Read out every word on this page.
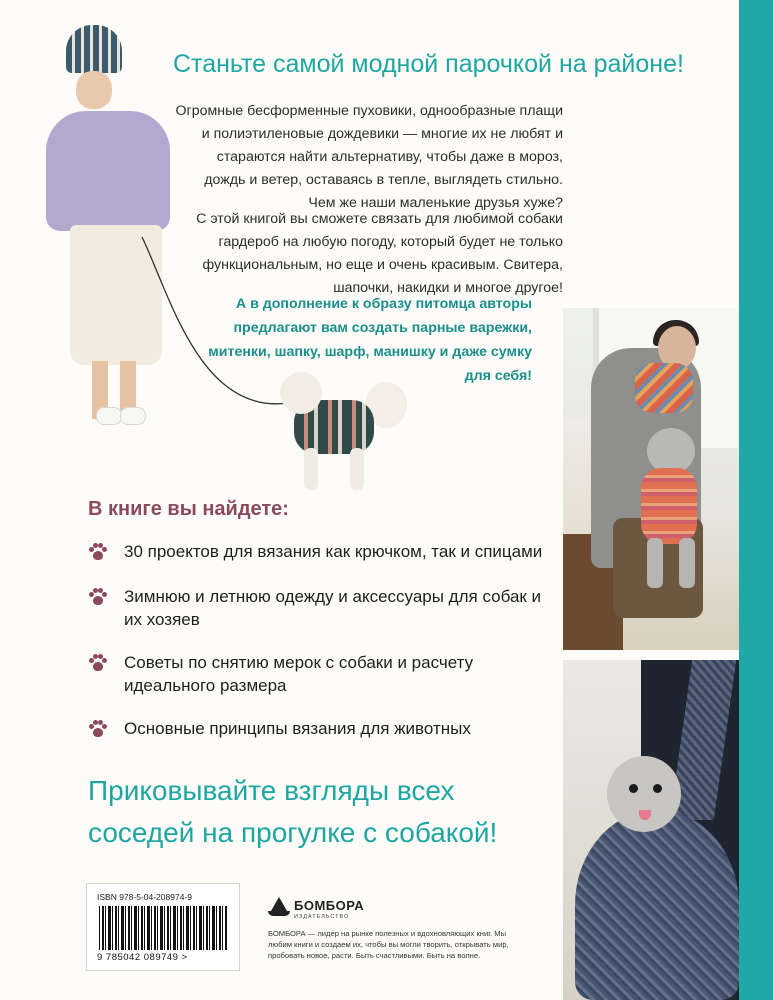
Станьте самой модной парочкой на районе!

Огромные бесформенные пуховики, однообразные плащи и полиэтиленовые дождевики — многие их не любят и стараются найти альтернативу, чтобы даже в мороз, дождь и ветер, оставаясь в тепле, выглядеть стильно. Чем же наши маленькие друзья хуже?

С этой книгой вы сможете связать для любимой собаки гардероб на любую погоду, который будет не только функциональным, но еще и очень красивым. Свитера, шапочки, накидки и многое другое!

А в дополнение к образу питомца авторы предлагают вам создать парные варежки, митенки, шапку, шарф, манишку и даже сумку для себя!

В книге вы найдете:
30 проектов для вязания как крючком, так и спицами
Зимнюю и летнюю одежду и аксессуары для собак и их хозяев
Советы по снятию мерок с собаки и расчету идеального размера
Основные принципы вязания для животных
Приковывайте взгляды всех соседей на прогулке с собакой!
ISBN 978-5-04-208974-9
9 785042 089749 >

БОМБОРА

ИЗДАТЕЛЬСТВО

БОМБОРА — лидер на рынке полезных и вдохновляющих книг. Мы любим книги и создаем их, чтобы вы могли творить, открывать мир, пробовать новое, расти. Быть счастливыми. Быть на волне.
